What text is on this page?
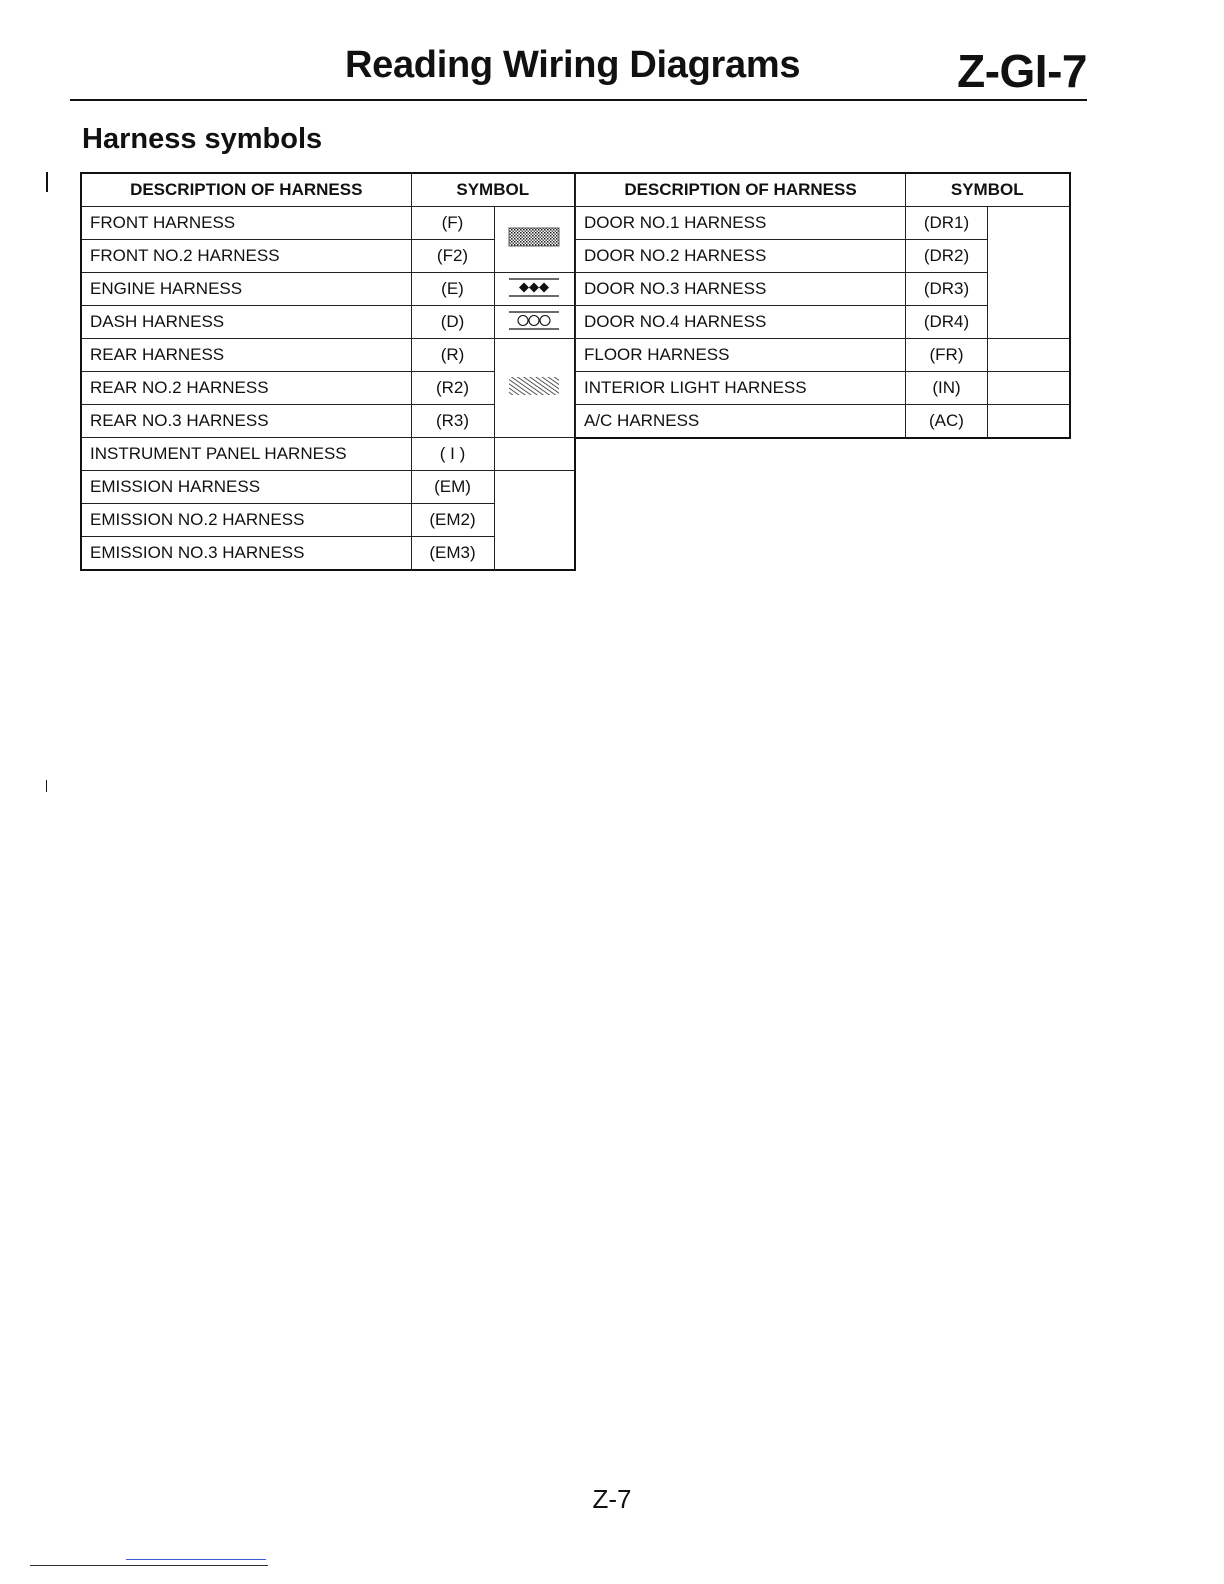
Reading Wiring Diagrams	Z-GI-7
Harness symbols
DESCRIPTION OF HARNESS	SYMBOL	
FRONT HARNESS	(F)	
FRONT NO.2 HARNESS	(F2)	
ENGINE HARNESS	(E)	
DASH HARNESS	(D)	
REAR HARNESS	(R)	
REAR NO.2 HARNESS	(R2)	
REAR NO.3 HARNESS	(R3)	
INSTRUMENT PANEL HARNESS	( I )	
EMISSION HARNESS	(EM)	
EMISSION NO.2 HARNESS	(EM2)	
EMISSION NO.3 HARNESS	(EM3)	
DESCRIPTION OF HARNESS	SYMBOL	
DOOR NO.1 HARNESS	(DR1)	
DOOR NO.2 HARNESS	(DR2)	
DOOR NO.3 HARNESS	(DR3)	
DOOR NO.4 HARNESS	(DR4)	
FLOOR HARNESS	(FR)	
INTERIOR LIGHT HARNESS	(IN)	
A/C HARNESS	(AC)	
Z-7
